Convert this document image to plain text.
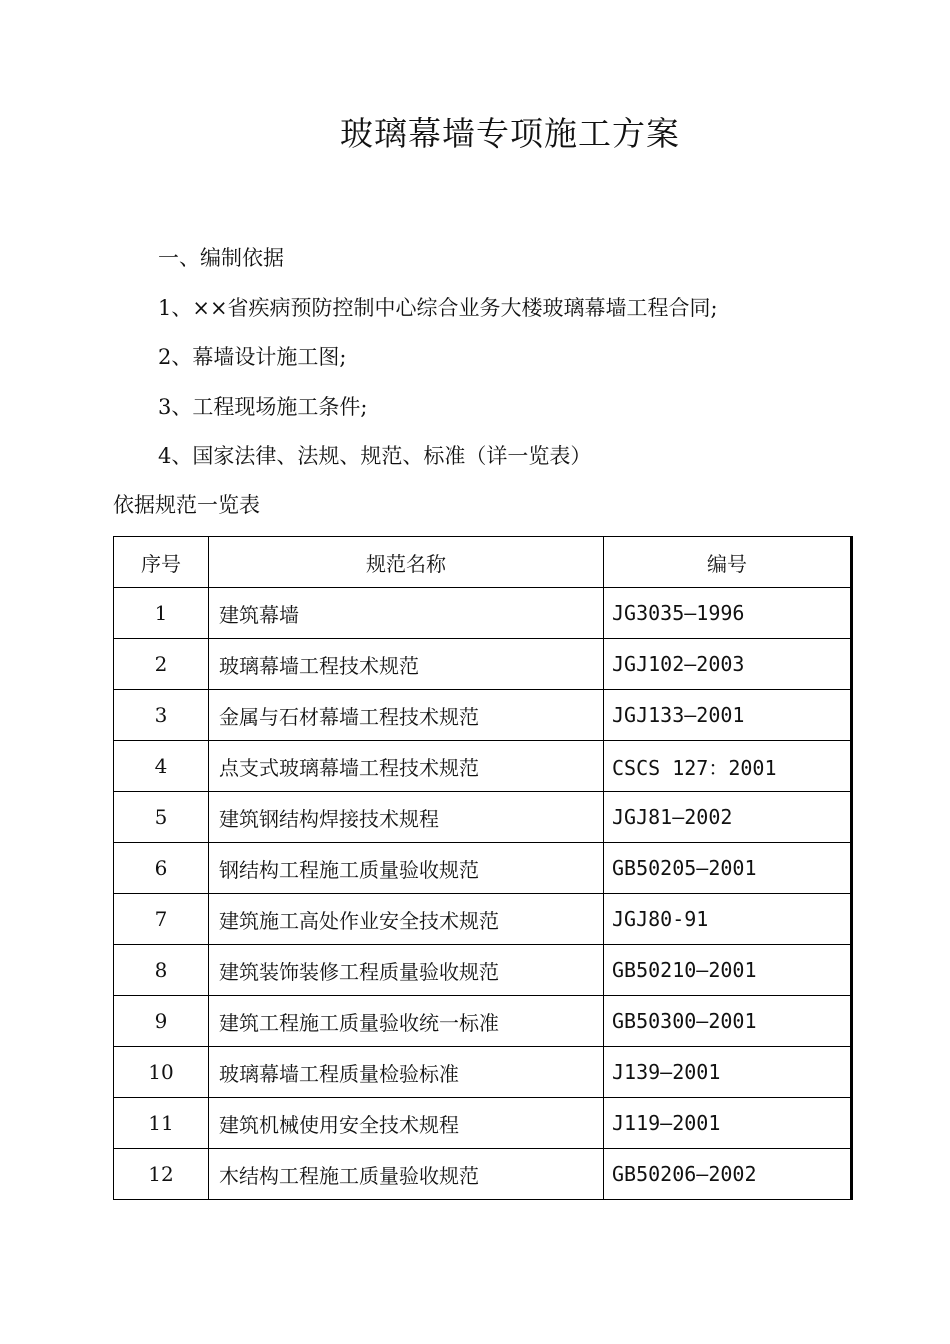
玻璃幕墙专项施工方案
一、编制依据
1、××省疾病预防控制中心综合业务大楼玻璃幕墙工程合同;
2、幕墙设计施工图;
3、工程现场施工条件;
4、国家法律、法规、规范、标准（详一览表）
依据规范一览表
序号	规范名称	编号
1	建筑幕墙	JG3035—1996
2	玻璃幕墙工程技术规范	JGJ102—2003
3	金属与石材幕墙工程技术规范	JGJ133—2001
4	点支式玻璃幕墙工程技术规范	CSCS 127：2001
5	建筑钢结构焊接技术规程	JGJ81—2002
6	钢结构工程施工质量验收规范	GB50205—2001
7	建筑施工高处作业安全技术规范	JGJ80-91
8	建筑装饰装修工程质量验收规范	GB50210—2001
9	建筑工程施工质量验收统一标准	GB50300—2001
10	玻璃幕墙工程质量检验标准	J139—2001
11	建筑机械使用安全技术规程	J119—2001
12	木结构工程施工质量验收规范	GB50206—2002
